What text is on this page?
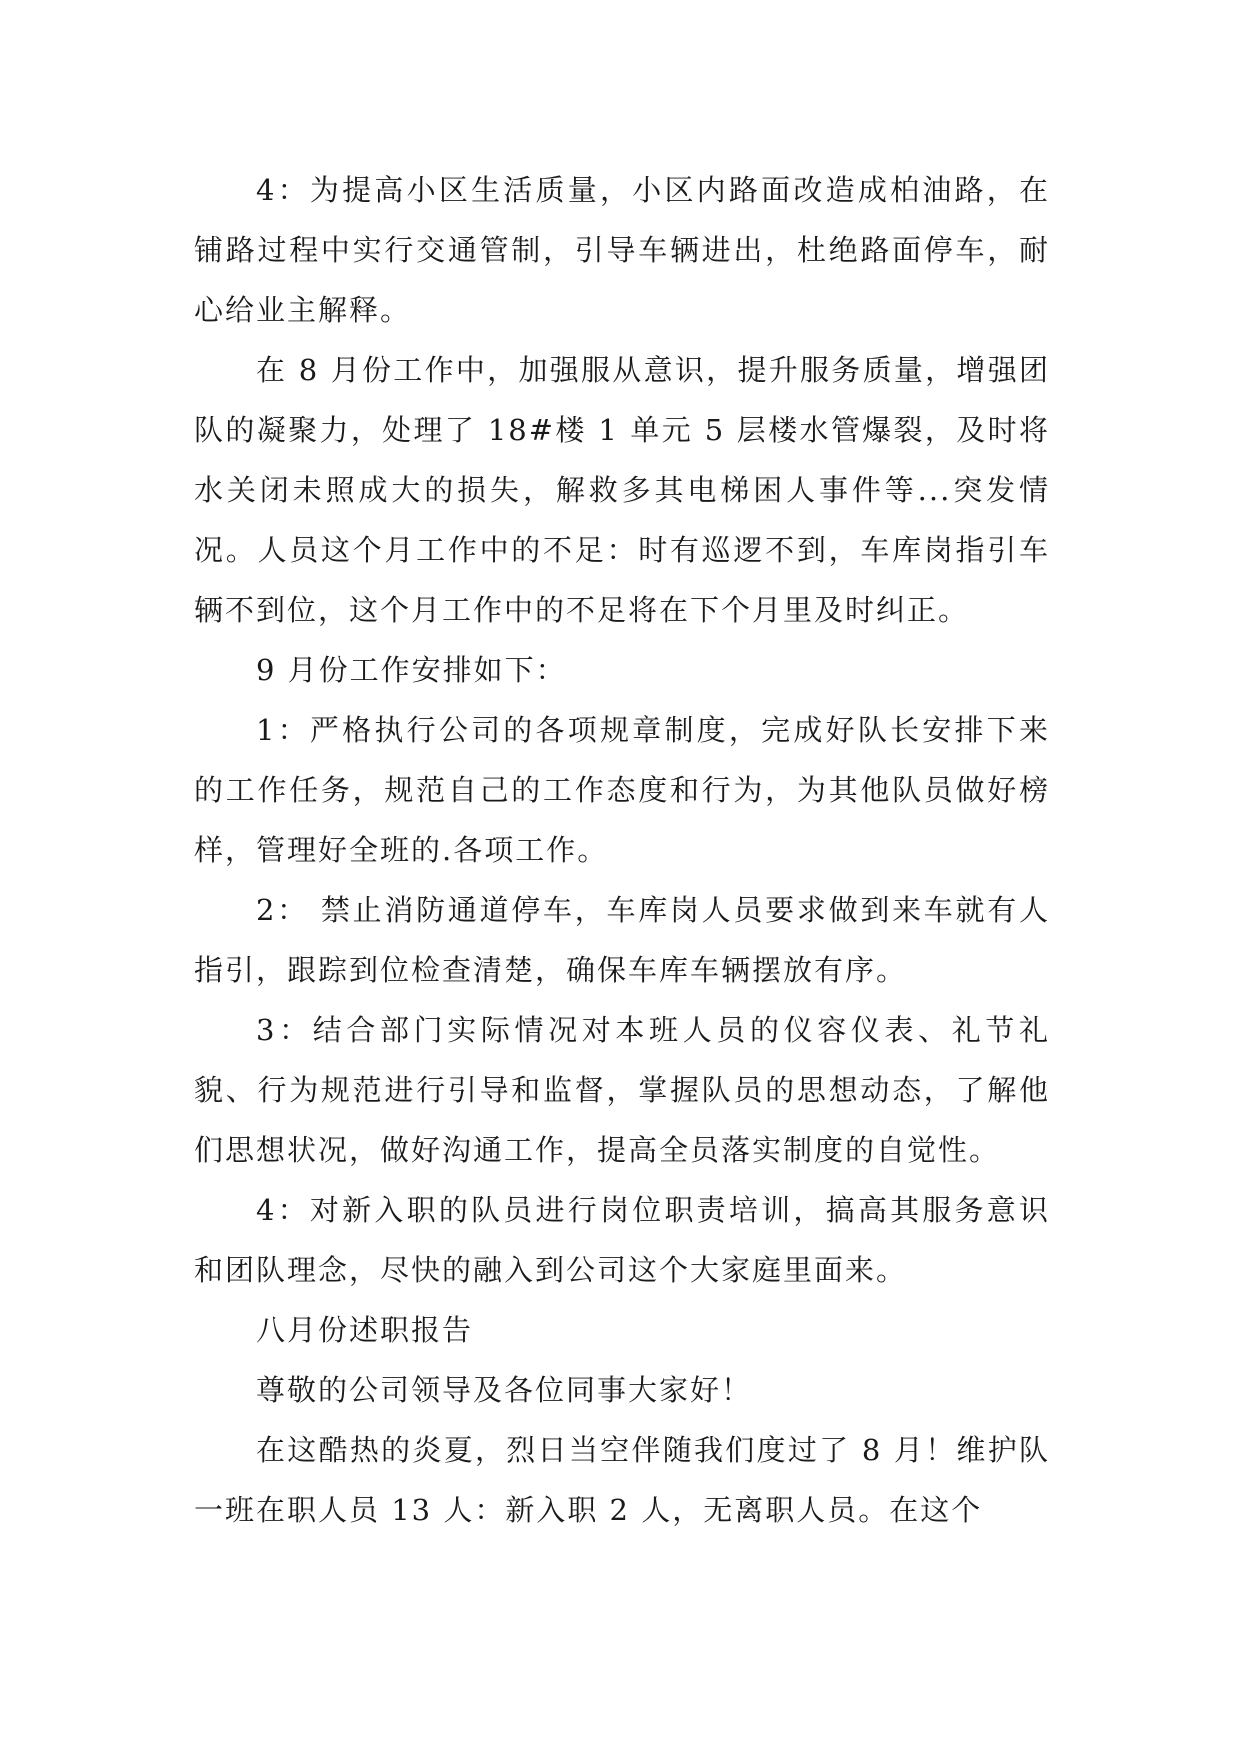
4：为提高小区生活质量，小区内路面改造成柏油路，在铺路过程中实行交通管制，引导车辆进出，杜绝路面停车，耐心给业主解释。

在 8 月份工作中，加强服从意识，提升服务质量，增强团队的凝聚力，处理了 18#楼 1 单元 5 层楼水管爆裂，及时将水关闭未照成大的损失，解救多其电梯困人事件等...突发情况。人员这个月工作中的不足：时有巡逻不到，车库岗指引车辆不到位，这个月工作中的不足将在下个月里及时纠正。

9 月份工作安排如下：

1：严格执行公司的各项规章制度，完成好队长安排下来的工作任务，规范自己的工作态度和行为，为其他队员做好榜样，管理好全班的.各项工作。

2： 禁止消防通道停车，车库岗人员要求做到来车就有人指引，跟踪到位检查清楚，确保车库车辆摆放有序。

3：结合部门实际情况对本班人员的仪容仪表、礼节礼貌、行为规范进行引导和监督，掌握队员的思想动态，了解他们思想状况，做好沟通工作，提高全员落实制度的自觉性。

4：对新入职的队员进行岗位职责培训，搞高其服务意识和团队理念，尽快的融入到公司这个大家庭里面来。

八月份述职报告

尊敬的公司领导及各位同事大家好！

在这酷热的炎夏，烈日当空伴随我们度过了 8 月！维护队一班在职人员 13 人：新入职 2 人，无离职人员。在这个
